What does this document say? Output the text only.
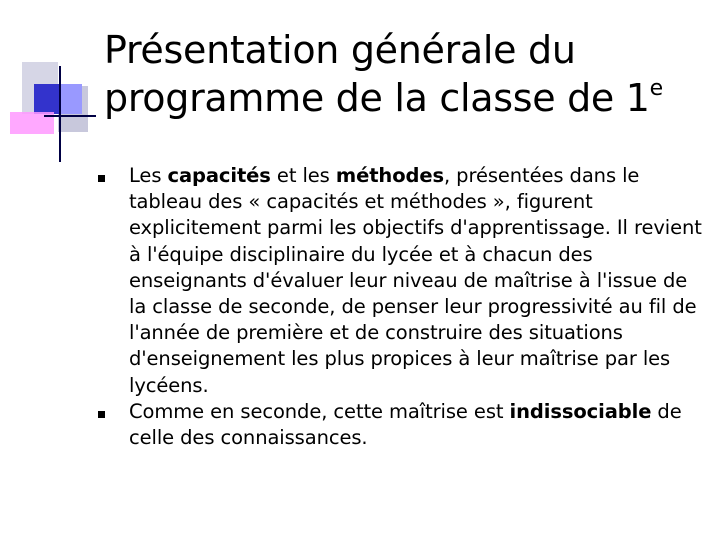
Présentation générale du
programme de la classe de 1e
Les capacités et les méthodes, présentées dans le tableau des « capacités et méthodes », figurent explicitement parmi les objectifs d'apprentissage. Il revient à l'équipe disciplinaire du lycée et à chacun des enseignants d'évaluer leur niveau de maîtrise à l'issue de la classe de seconde, de penser leur progressivité au fil de l'année de première et de construire des situations d'enseignement les plus propices à leur maîtrise par les lycéens.
Comme en seconde, cette maîtrise est indissociable de celle des connaissances.
